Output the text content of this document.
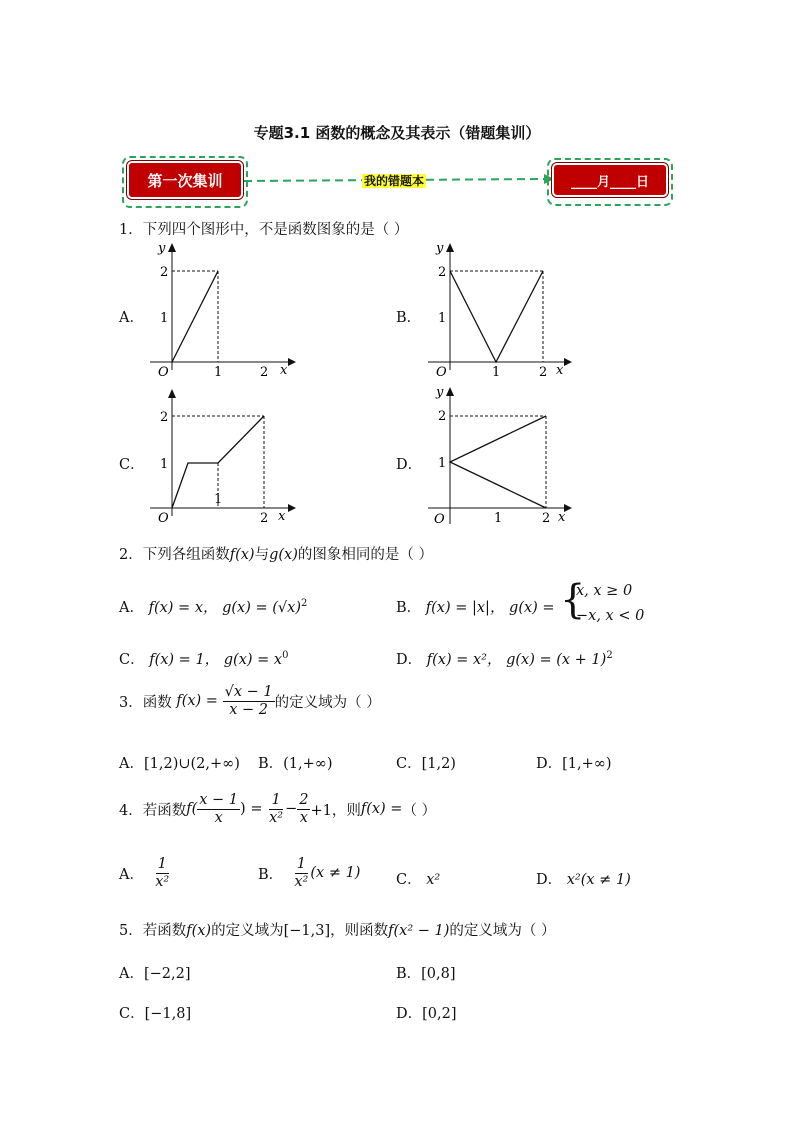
专题3.1 函数的概念及其表示（错题集训）
第一次集训	我的错题本	____月____日
1．下列四个图形中，不是函数图象的是（ ）
A．	B．
C．	D．
y
x
O
2
1
1	2
y
x
O
2
1
1	2
x
O
2
1
1
2
y
x
O
2
1
1	2
2．下列各组函数f(x)与g(x)的图象相同的是（ ）
A． f(x) = x， $g(x) = (√x)^2$	B． f(x) = |x|， g(x) = {
x, x ≥ 0
−x, x < 0
C． f(x) = 1， $g(x) = x^0$	D． f(x) = x²， $g(x) = (x + 1)^2$
3．函数
f(x) =
$\frac{√x - 1}{x - 2}$ 的定义域为（ ）
A．[1,2)∪(2,+∞) B．(1,+∞)	C．[1,2)	D．[1,+∞)
4．若函数 $f( \frac{x - 1}{x}$ ) =
$\frac{1}{\text{x²}} - \frac{2}{x} +1$，则 f(x) = （ ）
A．
$\frac{1}{\text{x²}}$	B．
$\frac{1}{\text{x²}} (x \ne 1)$ C． x²	D． x²(x ≠ 1)
5．若函数f(x)的定义域为[−1,3]，则函数f(x² − 1)的定义域为（ ）
A．[−2,2]	B．[0,8]
C．[−1,8]	D．[0,2]
